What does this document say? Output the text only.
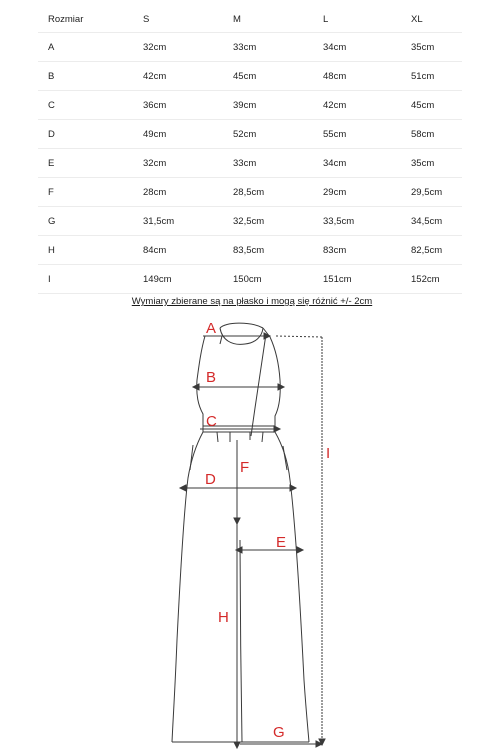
Rozmiar	S	M	L	XL
A	32cm	33cm	34cm	35cm
B	42cm	45cm	48cm	51cm
C	36cm	39cm	42cm	45cm
D	49cm	52cm	55cm	58cm
E	32cm	33cm	34cm	35cm
F	28cm	28,5cm	29cm	29,5cm
G	31,5cm	32,5cm	33,5cm	34,5cm
H	84cm	83,5cm	83cm	82,5cm
I	149cm	150cm	151cm	152cm
Wymiary zbierane są na płasko i mogą się różnić +/- 2cm
A
B
C
D
E
F
H
G
I
